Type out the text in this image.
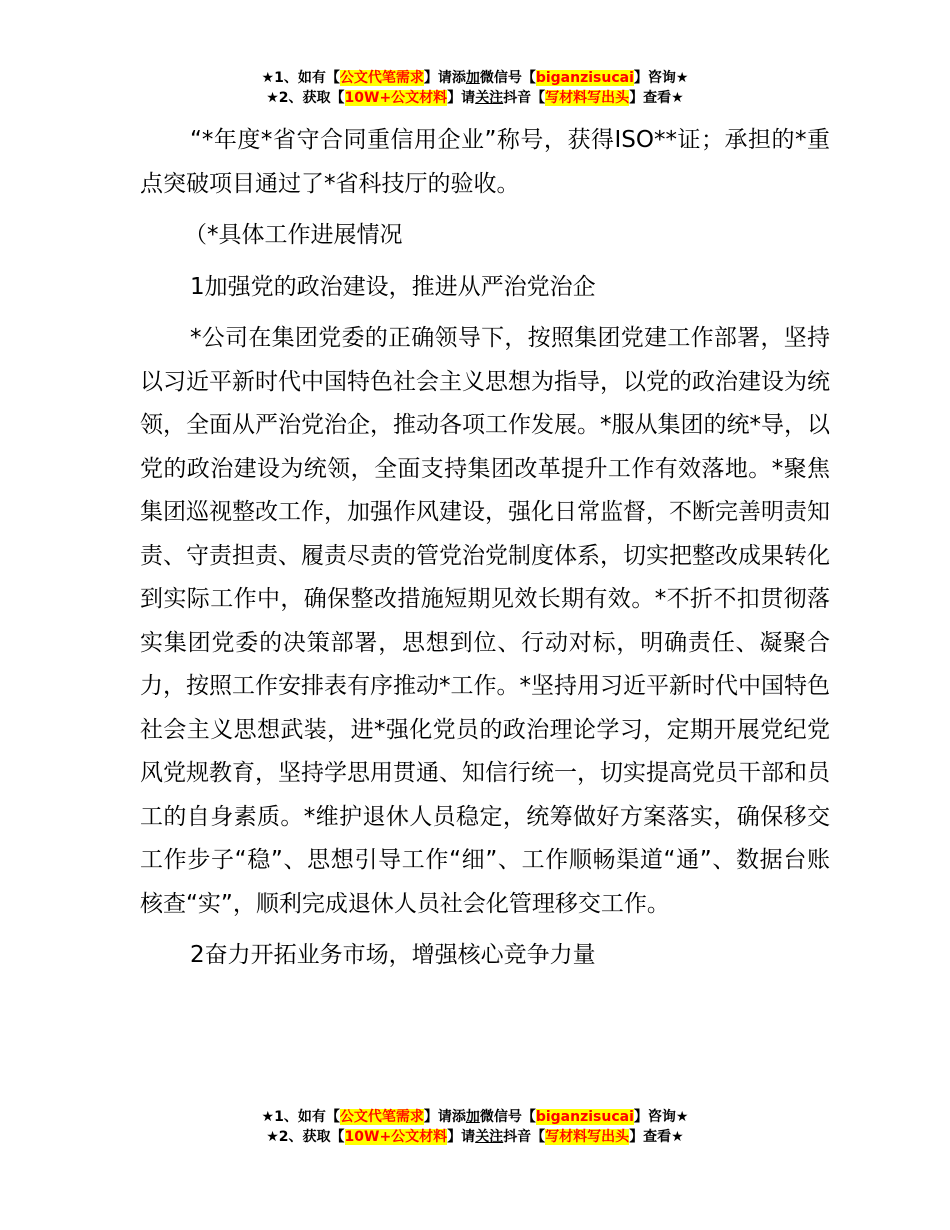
★1、如有【公文代笔需求】请添加微信号【biganzisucai】咨询★
★2、获取【10W+公文材料】请关注抖音【写材料写出头】查看★

“*年度*省守合同重信用企业”称号，获得ISO**证；承担的*重点突破项目通过了*省科技厅的验收。

（*具体工作进展情况

1加强党的政治建设，推进从严治党治企

*公司在集团党委的正确领导下，按照集团党建工作部署，坚持以习近平新时代中国特色社会主义思想为指导，以党的政治建设为统领，全面从严治党治企，推动各项工作发展。*服从集团的统*导，以党的政治建设为统领，全面支持集团改革提升工作有效落地。*聚焦集团巡视整改工作，加强作风建设，强化日常监督，不断完善明责知责、守责担责、履责尽责的管党治党制度体系，切实把整改成果转化到实际工作中，确保整改措施短期见效长期有效。*不折不扣贯彻落实集团党委的决策部署，思想到位、行动对标，明确责任、凝聚合力，按照工作安排表有序推动*工作。*坚持用习近平新时代中国特色社会主义思想武装，进*强化党员的政治理论学习，定期开展党纪党风党规教育，坚持学思用贯通、知信行统一，切实提高党员干部和员工的自身素质。*维护退休人员稳定，统筹做好方案落实，确保移交工作步子“稳”、思想引导工作“细”、工作顺畅渠道“通”、数据台账核查“实”，顺利完成退休人员社会化管理移交工作。

2奋力开拓业务市场，增强核心竞争力量

★1、如有【公文代笔需求】请添加微信号【biganzisucai】咨询★
★2、获取【10W+公文材料】请关注抖音【写材料写出头】查看★
